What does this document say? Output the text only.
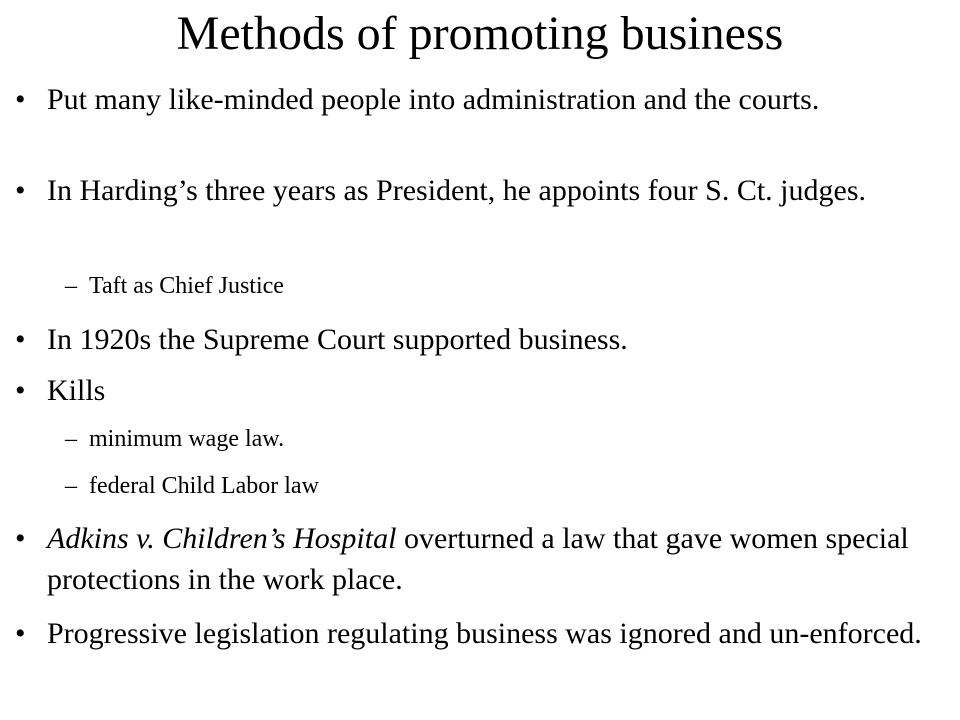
Methods of promoting business

• Put many like-minded people into administration and the courts.

• In Harding’s three years as President, he appoints four S. Ct. judges.

– Taft as Chief Justice

• In 1920s the Supreme Court supported business.

• Kills

– minimum wage law.

– federal Child Labor law

• Adkins v. Children’s Hospital overturned a law that gave women special protections in the work place.

• Progressive legislation regulating business was ignored and un-enforced.
